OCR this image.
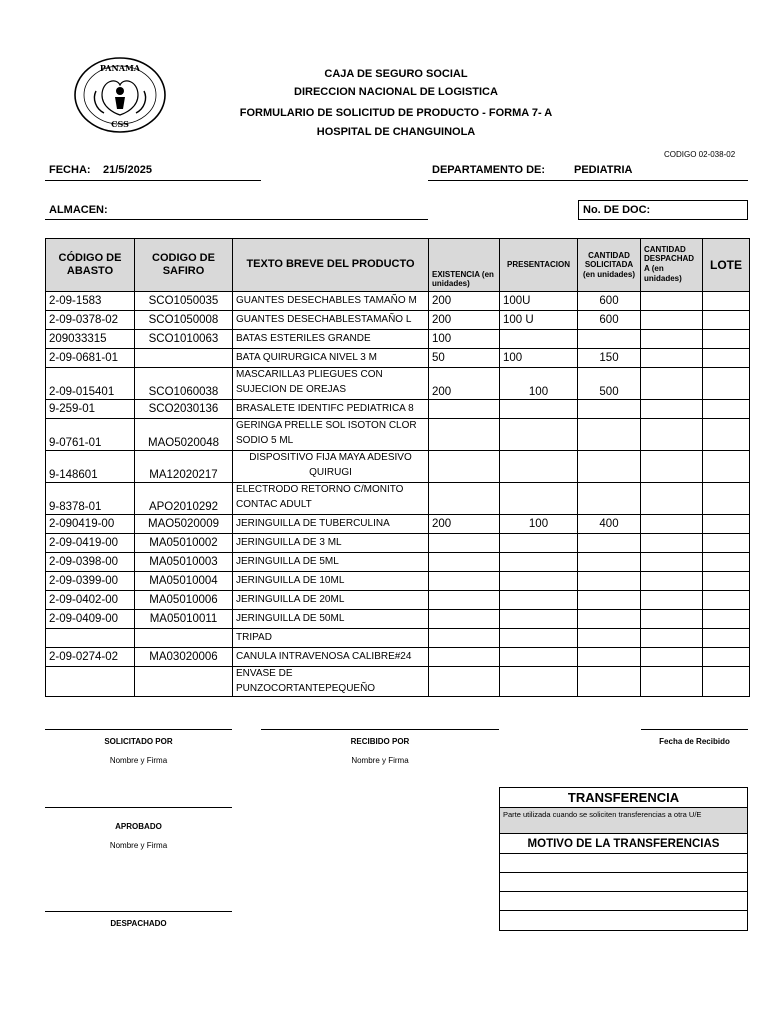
PANAMA
CSS
CAJA DE SEGURO SOCIAL
DIRECCION NACIONAL DE LOGISTICA
FORMULARIO DE SOLICITUD DE PRODUCTO - FORMA 7- A
HOSPITAL DE CHANGUINOLA
CODIGO 02-038-02
FECHA: 21/5/2025	DEPARTAMENTO DE:	PEDIATRIA
ALMACEN:	No. DE DOC:
CÓDIGO DE ABASTO	CODIGO DE SAFIRO	TEXTO BREVE DEL PRODUCTO	EXISTENCIA (en unidades)	PRESENTACION	CANTIDAD SOLICITADA (en unidades)	CANTIDAD DESPACHAD A (en unidades)	LOTE
2-09-1583	SCO1050035	GUANTES DESECHABLES TAMAÑO M	200	100U	600		
2-09-0378-02	SCO1050008	GUANTES DESECHABLESTAMAÑO L	200	100 U	600		
209033315	SCO1010063	BATAS ESTERILES GRANDE	100				
2-09-0681-01		BATA QUIRURGICA NIVEL 3 M	50	100	150		
2-09-015401	SCO1060038	MASCARILLA3 PLIEGUES CON SUJECION DE OREJAS	200	100	500		
9-259-01	SCO2030136	BRASALETE IDENTIFC PEDIATRICA 8					
9-0761-01	MAO5020048	GERINGA PRELLE SOL ISOTON CLOR SODIO 5 ML					
9-148601	MA12020217	DISPOSITIVO FIJA MAYA ADESIVO QUIRUGI					
9-8378-01	APO2010292	ELECTRODO RETORNO C/MONITO CONTAC ADULT					
2-090419-00	MAO5020009	JERINGUILLA DE TUBERCULINA	200	100	400		
2-09-0419-00	MA05010002	JERINGUILLA DE 3 ML					
2-09-0398-00	MA05010003	JERINGUILLA DE 5ML					
2-09-0399-00	MA05010004	JERINGUILLA DE 10ML					
2-09-0402-00	MA05010006	JERINGUILLA DE 20ML					
2-09-0409-00	MA05010011	JERINGUILLA DE 50ML					
		TRIPAD					
2-09-0274-02	MA03020006	CANULA INTRAVENOSA CALIBRE#24					
		ENVASE DE PUNZOCORTANTEPEQUEÑO					
SOLICITADO POR
Nombre y Firma
RECIBIDO POR
Nombre y Firma
Fecha de Recibido
APROBADO
Nombre y Firma
DESPACHADO
TRANSFERENCIA
Parte utilizada cuando se soliciten transferencias a otra U/E
MOTIVO DE LA TRANSFERENCIAS
